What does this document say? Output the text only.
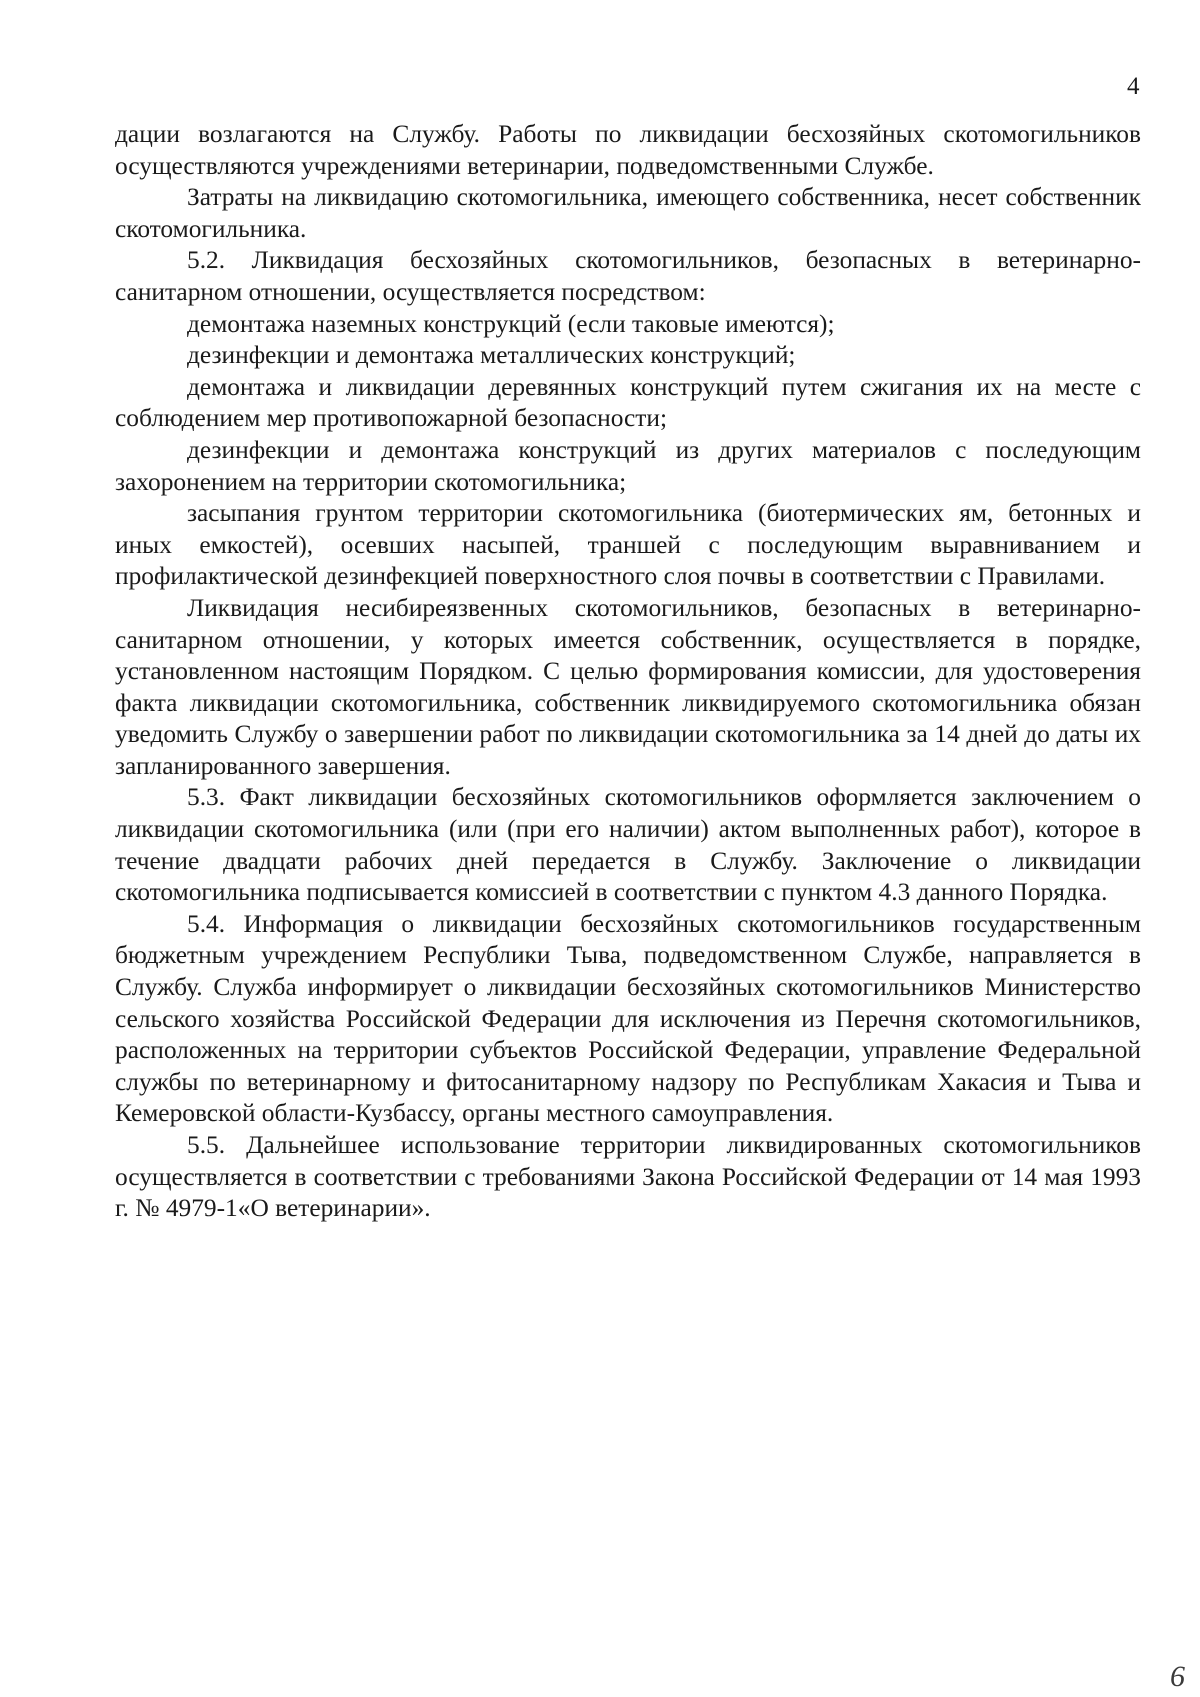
4

дации возлагаются на Службу. Работы по ликвидации бесхозяйных скотомогильников осуществляются учреждениями ветеринарии, подведомственными Службе.

Затраты на ликвидацию скотомогильника, имеющего собственника, несет собственник скотомогильника.

5.2. Ликвидация бесхозяйных скотомогильников, безопасных в ветеринарно-санитарном отношении, осуществляется посредством:

демонтажа наземных конструкций (если таковые имеются);

дезинфекции и демонтажа металлических конструкций;

демонтажа и ликвидации деревянных конструкций путем сжигания их на месте с соблюдением мер противопожарной безопасности;

дезинфекции и демонтажа конструкций из других материалов с последующим захоронением на территории скотомогильника;

засыпания грунтом территории скотомогильника (биотермических ям, бетонных и иных емкостей), осевших насыпей, траншей с последующим выравниванием и профилактической дезинфекцией поверхностного слоя почвы в соответствии с Правилами.

Ликвидация несибиреязвенных скотомогильников, безопасных в ветеринарно-санитарном отношении, у которых имеется собственник, осуществляется в порядке, установленном настоящим Порядком. С целью формирования комиссии, для удостоверения факта ликвидации скотомогильника, собственник ликвидируемого скотомогильника обязан уведомить Службу о завершении работ по ликвидации скотомогильника за 14 дней до даты их запланированного завершения.

5.3. Факт ликвидации бесхозяйных скотомогильников оформляется заключением о ликвидации скотомогильника (или (при его наличии) актом выполненных работ), которое в течение двадцати рабочих дней передается в Службу. Заключение о ликвидации скотомогильника подписывается комиссией в соответствии с пунктом 4.3 данного Порядка.

5.4. Информация о ликвидации бесхозяйных скотомогильников государственным бюджетным учреждением Республики Тыва, подведомственном Службе, направляется в Службу. Служба информирует о ликвидации бесхозяйных скотомогильников Министерство сельского хозяйства Российской Федерации для исключения из Перечня скотомогильников, расположенных на территории субъектов Российской Федерации, управление Федеральной службы по ветеринарному и фитосанитарному надзору по Республикам Хакасия и Тыва и Кемеровской области-Кузбассу, органы местного самоуправления.

5.5. Дальнейшее использование территории ликвидированных скотомогильников осуществляется в соответствии с требованиями Закона Российской Федерации от 14 мая 1993 г. № 4979-1«О ветеринарии».

6
